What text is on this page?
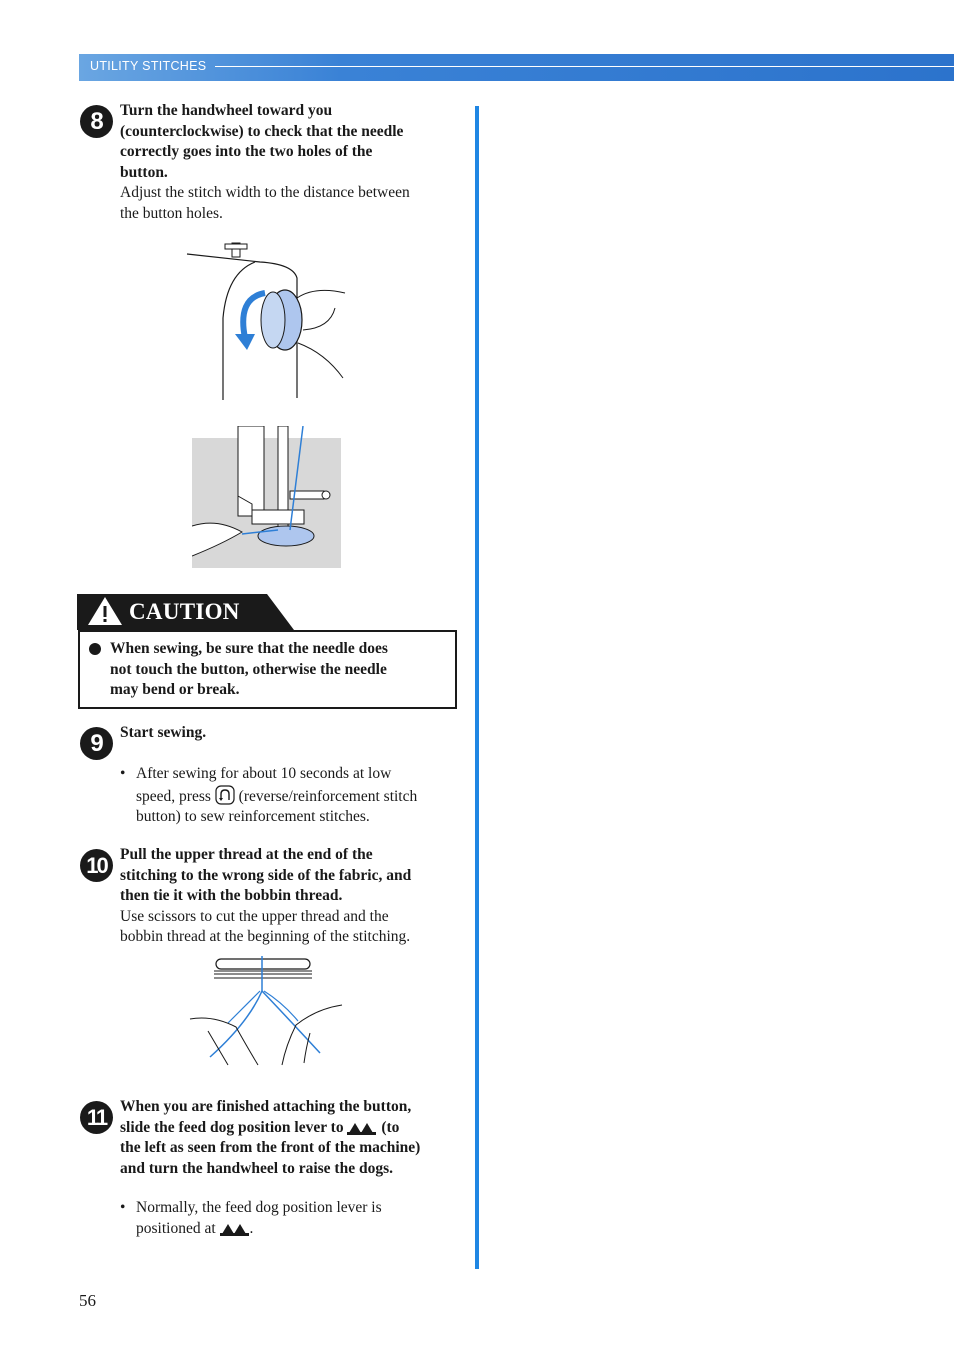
UTILITY STITCHES
8	Turn the handwheel toward you
(counterclockwise) to check that the needle
correctly goes into the two holes of the
button.
Adjust the stitch width to the distance between
the button holes.
CAUTION
When sewing, be sure that the needle does
not touch the button, otherwise the needle
may bend or break.
9	Start sewing.
• After sewing for about 10 seconds at low
speed, press (reverse/reinforcement stitch
button) to sew reinforcement stitches.
10 Pull the upper thread at the end of the
stitching to the wrong side of the fabric, and
then tie it with the bobbin thread.
Use scissors to cut the upper thread and the
bobbin thread at the beginning of the stitching.
11 When you are finished attaching the button,
slide the feed dog position lever to (to
the left as seen from the front of the machine)
and turn the handwheel to raise the dogs.
• Normally, the feed dog position lever is
positioned at .
56
